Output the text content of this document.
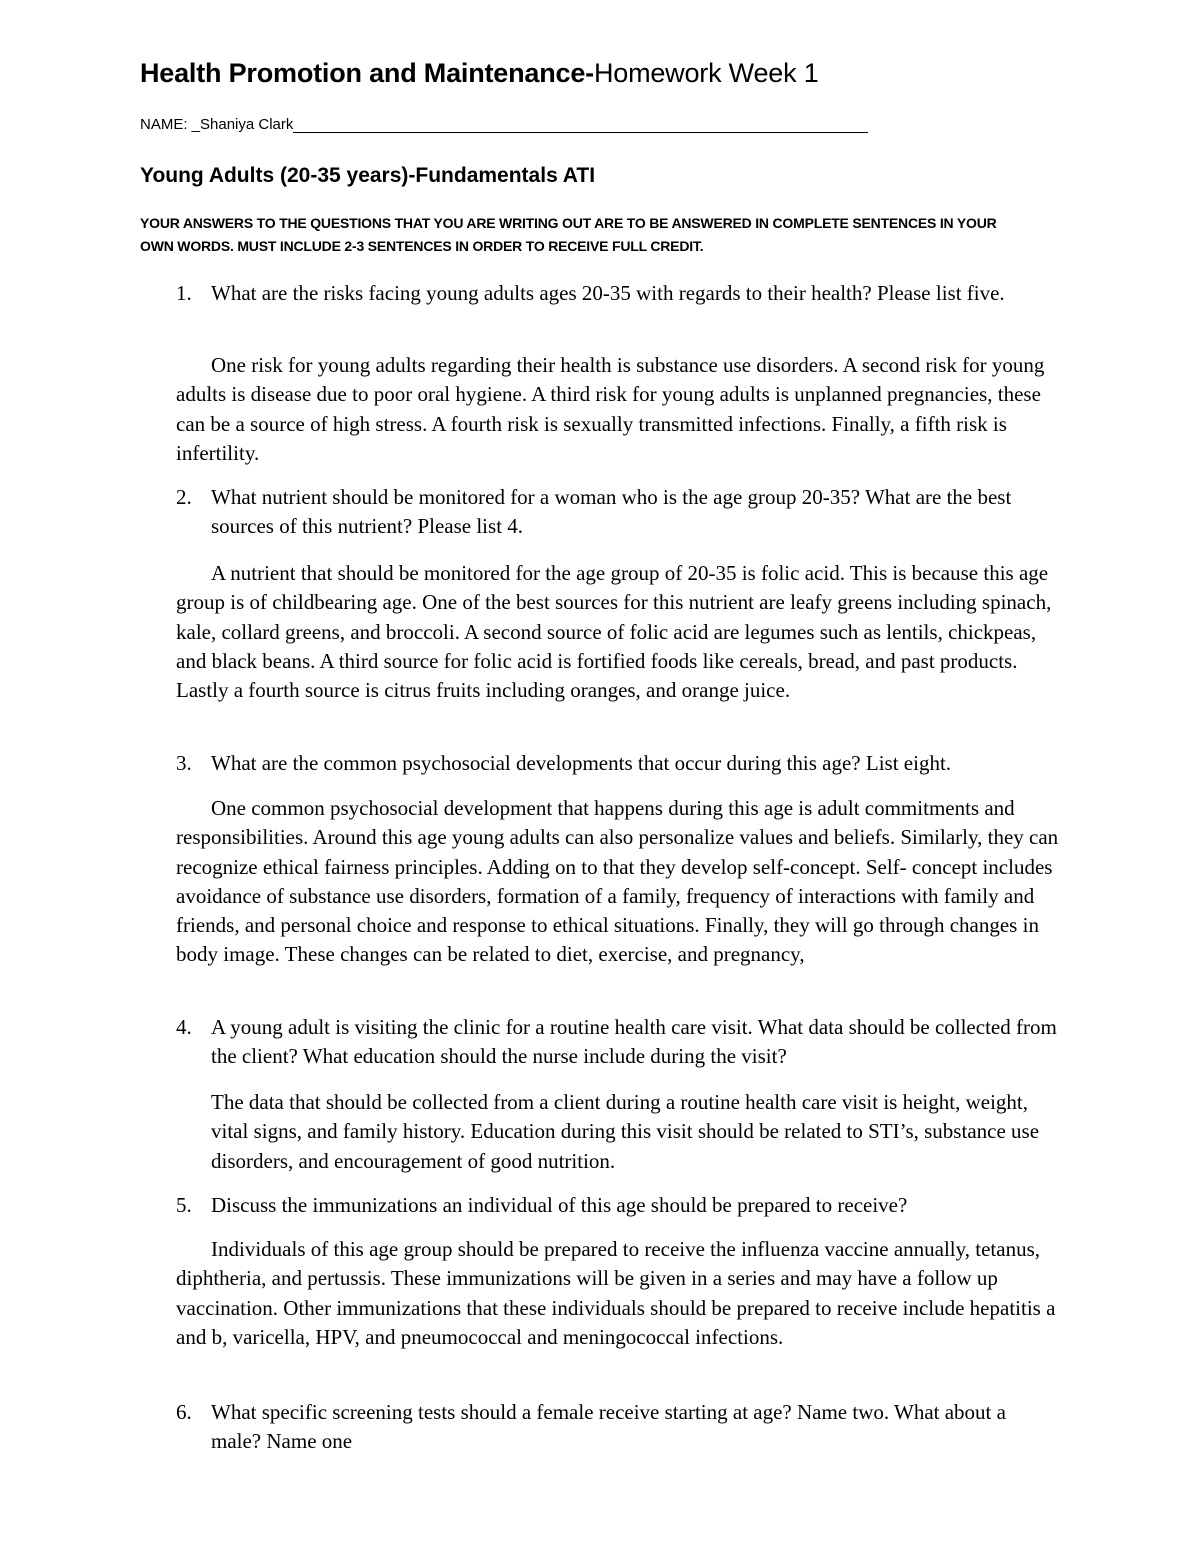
Health Promotion and Maintenance-Homework Week 1
NAME: _Shaniya Clark
Young Adults (20-35 years)-Fundamentals ATI
YOUR ANSWERS TO THE QUESTIONS THAT YOU ARE WRITING OUT ARE TO BE ANSWERED IN COMPLETE SENTENCES IN YOUR OWN WORDS. MUST INCLUDE 2-3 SENTENCES IN ORDER TO RECEIVE FULL CREDIT.
1. What are the risks facing young adults ages 20-35 with regards to their health? Please list five.
One risk for young adults regarding their health is substance use disorders. A second risk for young adults is disease due to poor oral hygiene. A third risk for young adults is unplanned pregnancies, these can be a source of high stress. A fourth risk is sexually transmitted infections. Finally, a fifth risk is infertility.
2. What nutrient should be monitored for a woman who is the age group 20-35? What are the best sources of this nutrient? Please list 4.
A nutrient that should be monitored for the age group of 20-35 is folic acid. This is because this age group is of childbearing age. One of the best sources for this nutrient are leafy greens including spinach, kale, collard greens, and broccoli. A second source of folic acid are legumes such as lentils, chickpeas, and black beans. A third source for folic acid is fortified foods like cereals, bread, and past products. Lastly a fourth source is citrus fruits including oranges, and orange juice.
3. What are the common psychosocial developments that occur during this age? List eight.
One common psychosocial development that happens during this age is adult commitments and responsibilities. Around this age young adults can also personalize values and beliefs. Similarly, they can recognize ethical fairness principles. Adding on to that they develop self-concept. Self- concept includes avoidance of substance use disorders, formation of a family, frequency of interactions with family and friends, and personal choice and response to ethical situations. Finally, they will go through changes in body image. These changes can be related to diet, exercise, and pregnancy,
4. A young adult is visiting the clinic for a routine health care visit. What data should be collected from the client? What education should the nurse include during the visit?
The data that should be collected from a client during a routine health care visit is height, weight, vital signs, and family history. Education during this visit should be related to STI’s, substance use disorders, and encouragement of good nutrition.
5. Discuss the immunizations an individual of this age should be prepared to receive?
Individuals of this age group should be prepared to receive the influenza vaccine annually, tetanus, diphtheria, and pertussis. These immunizations will be given in a series and may have a follow up vaccination. Other immunizations that these individuals should be prepared to receive include hepatitis a and b, varicella, HPV, and pneumococcal and meningococcal infections.
6. What specific screening tests should a female receive starting at age? Name two. What about a male? Name one
